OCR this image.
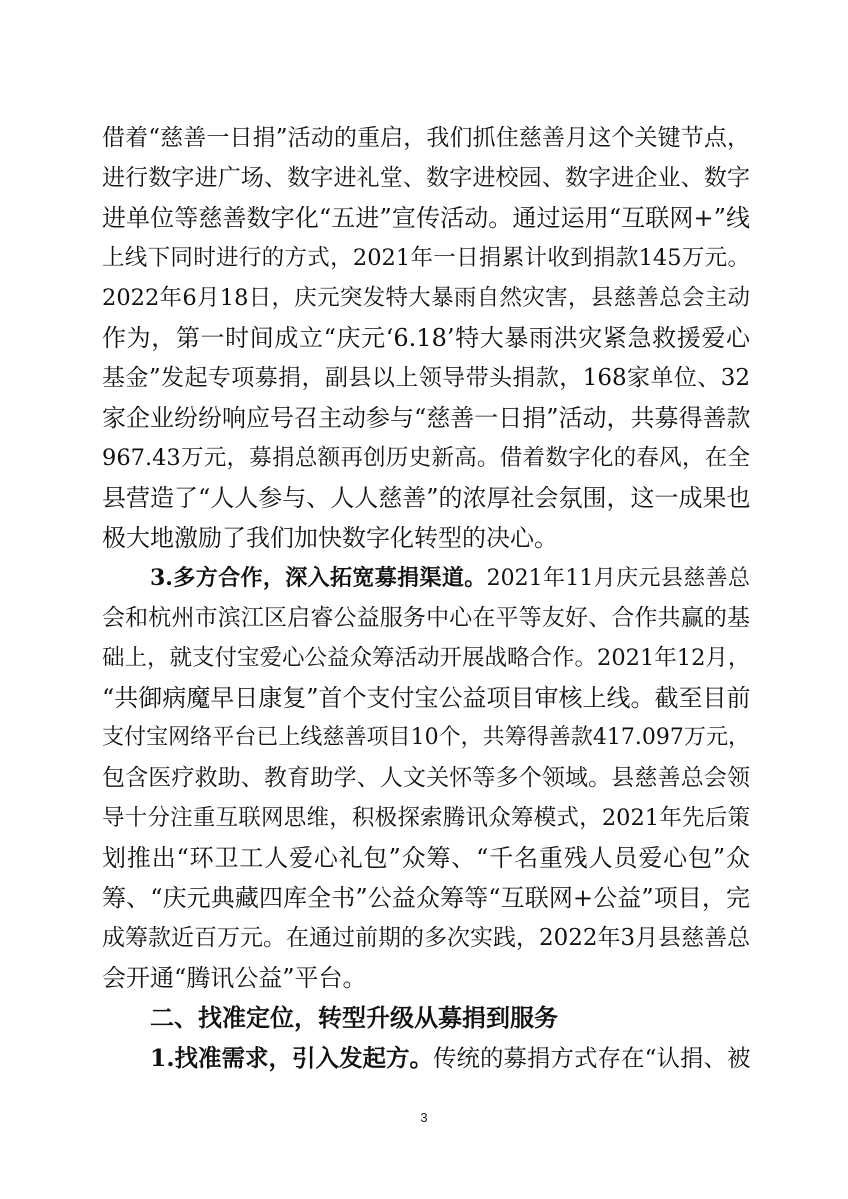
借着“慈善一日捐”活动的重启，我们抓住慈善月这个关键节点，
进行数字进广场、数字进礼堂、数字进校园、数字进企业、数字
进单位等慈善数字化“五进”宣传活动。通过运用“互联网+”线
上线下同时进行的方式，2021年一日捐累计收到捐款145万元。
2022年6月18日，庆元突发特大暴雨自然灾害，县慈善总会主动
作为，第一时间成立“庆元‘6.18’特大暴雨洪灾紧急救援爱心
基金”发起专项募捐，副县以上领导带头捐款，168家单位、32
家企业纷纷响应号召主动参与“慈善一日捐”活动，共募得善款
967.43万元，募捐总额再创历史新高。借着数字化的春风，在全
县营造了“人人参与、人人慈善”的浓厚社会氛围，这一成果也
极大地激励了我们加快数字化转型的决心。
3.多方合作，深入拓宽募捐渠道。2021年11月庆元县慈善总
会和杭州市滨江区启睿公益服务中心在平等友好、合作共赢的基
础上，就支付宝爱心公益众筹活动开展战略合作。2021年12月，
“共御病魔早日康复”首个支付宝公益项目审核上线。截至目前
支付宝网络平台已上线慈善项目10个，共筹得善款417.097万元，
包含医疗救助、教育助学、人文关怀等多个领域。县慈善总会领
导十分注重互联网思维，积极探索腾讯众筹模式，2021年先后策
划推出“环卫工人爱心礼包”众筹、“千名重残人员爱心包”众
筹、“庆元典藏四库全书”公益众筹等“互联网+公益”项目，完
成筹款近百万元。在通过前期的多次实践，2022年3月县慈善总
会开通“腾讯公益”平台。
二、找准定位，转型升级从募捐到服务
1.找准需求，引入发起方。传统的募捐方式存在“认捐、被
3
